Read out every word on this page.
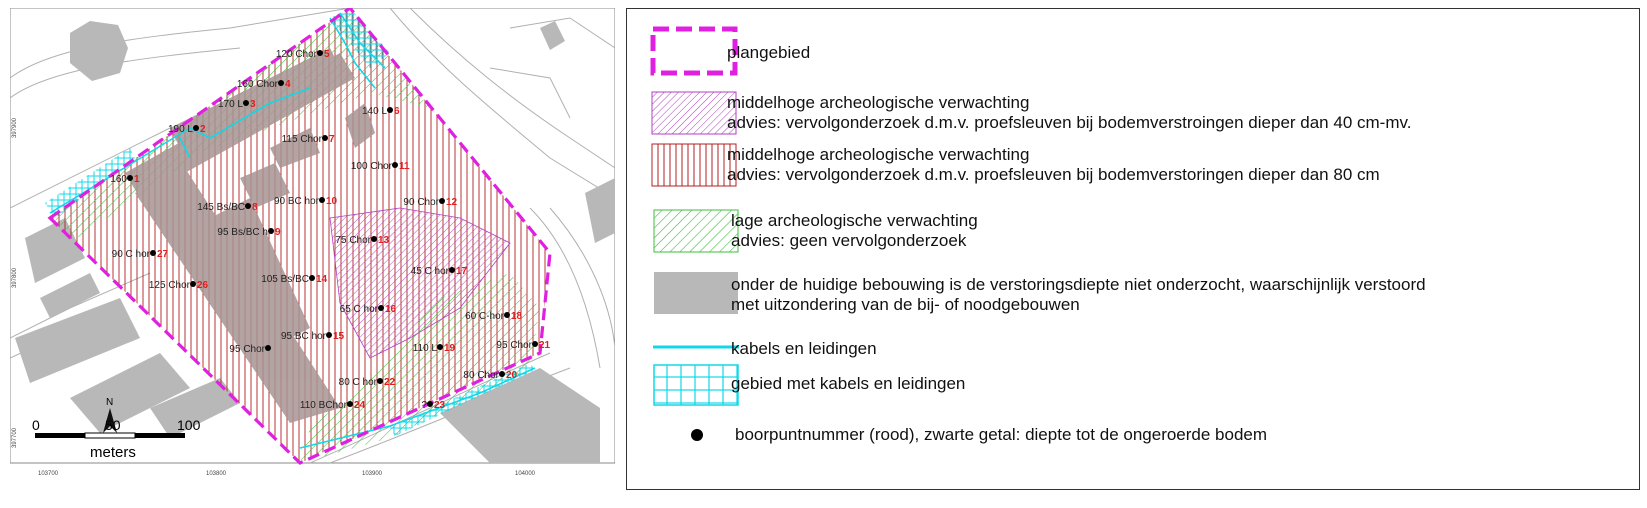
120 Chor 5
160 Chor 4
170 L 3
190 L 2
140 L 6
115 Chor 7
160 1
100 Chor 11
145 Bs/BC 8
90 BC hor 10	90 Chor 12
95 Bs/BC h 9
75 Chor 13
90 C hor 27
45 C hor 17
105 Bs/BC 14
125 Chor 26
65 C hor 16
60 C-hor 18
95 BC hor 15
95 Chor 21
95 Chor	110 L 19
80 Chor 20
80 C hor 22
110 BChor 24	? 23
N
0	50	100
meters
103700	103800	103900	104000
397900
397800
397700
plangebied
middelhoge archeologische verwachting
advies: vervolgonderzoek d.m.v. proefsleuven bij bodemverstroingen dieper dan 40 cm-mv.
middelhoge archeologische verwachting
advies: vervolgonderzoek d.m.v. proefsleuven bij bodemverstoringen dieper dan 80 cm
lage archeologische verwachting
advies: geen vervolgonderzoek
onder de huidige bebouwing is de verstoringsdiepte niet onderzocht, waarschijnlijk verstoord
met uitzondering van de bij- of noodgebouwen
kabels en leidingen
gebied met kabels en leidingen
boorpuntnummer (rood), zwarte getal: diepte tot de ongeroerde bodem
